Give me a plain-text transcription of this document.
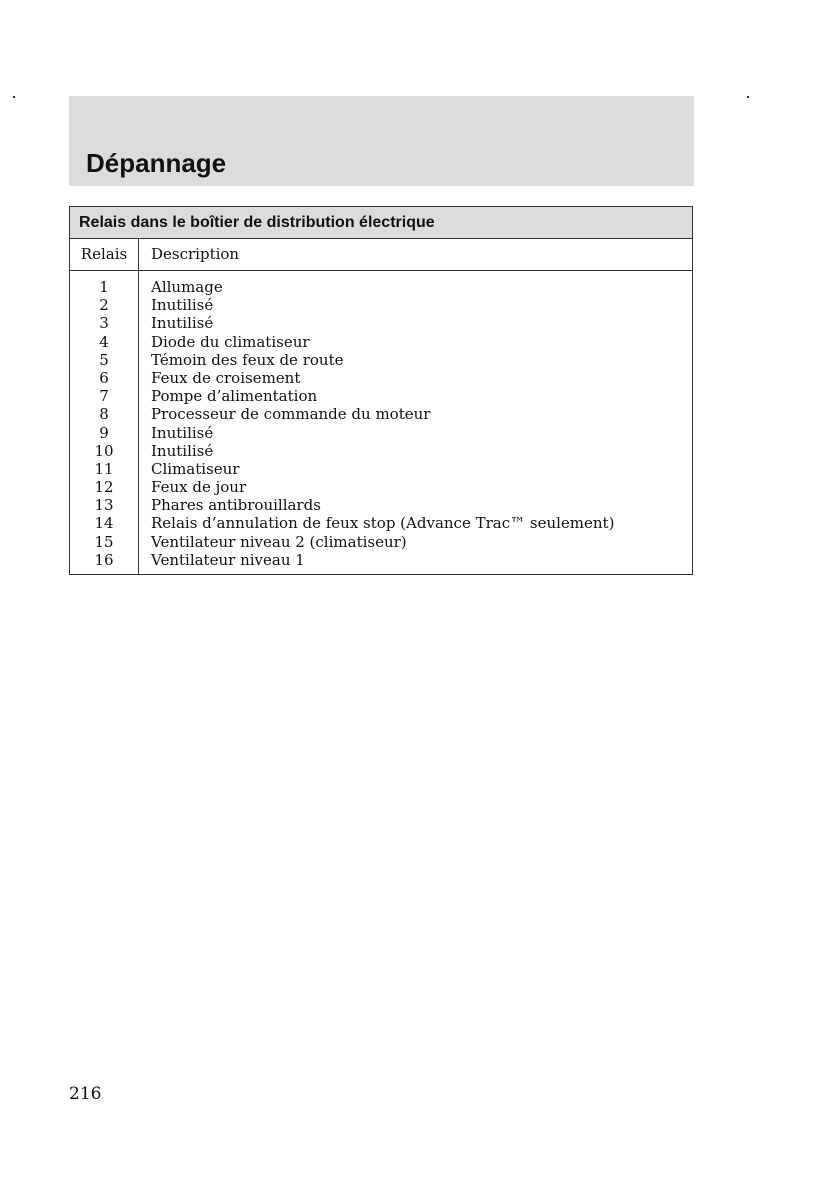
Dépannage
Relais dans le boîtier de distribution électrique
Relais	Description
1
2
3
4
5
6
7
8
9
10
11
12
13
14
15
16
Allumage
Inutilisé
Inutilisé
Diode du climatiseur
Témoin des feux de route
Feux de croisement
Pompe d’alimentation
Processeur de commande du moteur
Inutilisé
Inutilisé
Climatiseur
Feux de jour
Phares antibrouillards
Relais d’annulation de feux stop (Advance Trac™ seulement)
Ventilateur niveau 2 (climatiseur)
Ventilateur niveau 1
216
